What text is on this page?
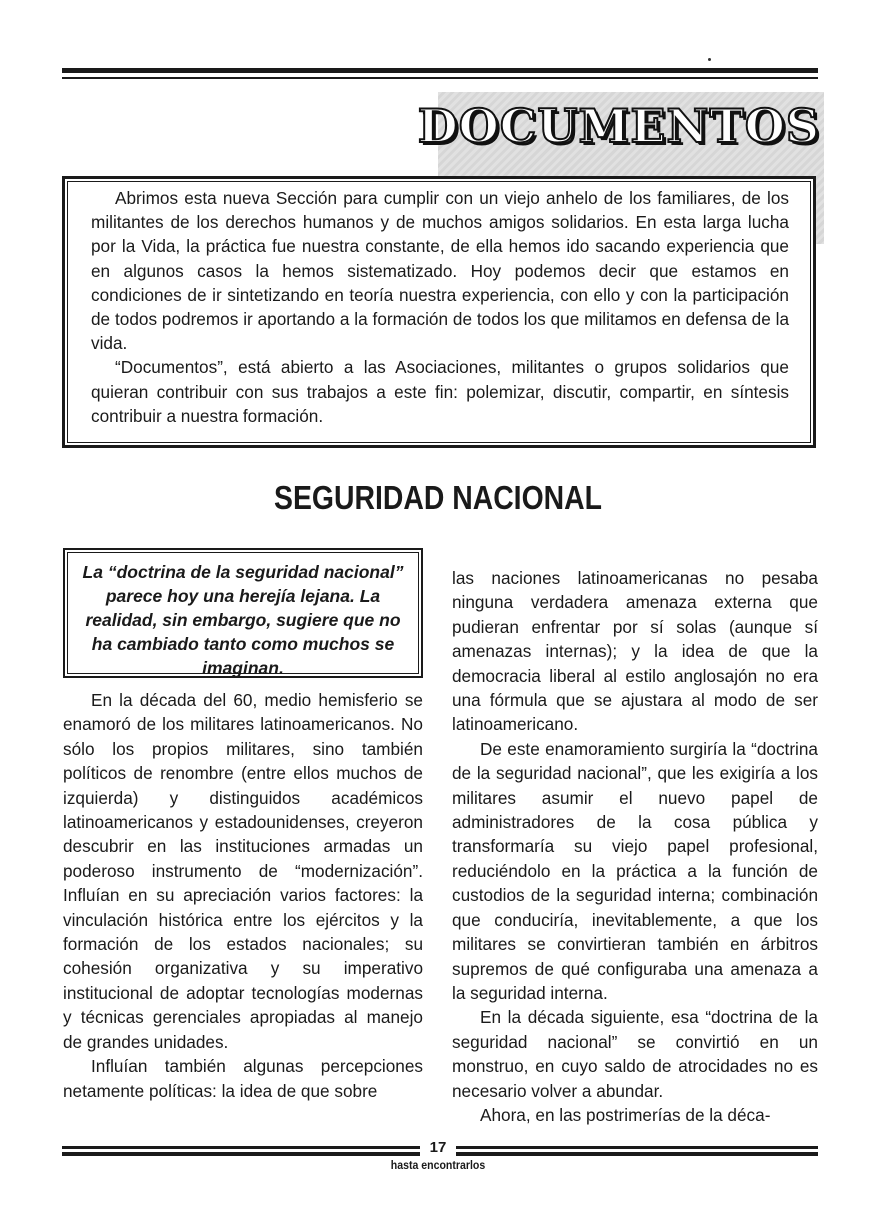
DOCUMENTOS

Abrimos esta nueva Sección para cumplir con un viejo anhelo de los familiares, de los militantes de los derechos humanos y de muchos amigos solidarios. En esta larga lucha por la Vida, la práctica fue nuestra constante, de ella hemos ido sacando experiencia que en algunos casos la hemos sistematizado. Hoy podemos decir que estamos en condiciones de ir sintetizando en teoría nuestra experiencia, con ello y con la participación de todos podremos ir aportando a la formación de todos los que militamos en defensa de la vida.

“Documentos”, está abierto a las Asociaciones, militantes o grupos solidarios que quieran contribuir con sus trabajos a este fin: polemizar, discutir, compartir, en síntesis contribuir a nuestra formación.

SEGURIDAD NACIONAL
La “doctrina de la seguridad nacional” parece hoy una herejía lejana. La realidad, sin embargo, sugiere que no ha cambiado tanto como muchos se imaginan.

En la década del 60, medio hemisferio se enamoró de los militares latinoamericanos. No sólo los propios militares, sino también políticos de renombre (entre ellos muchos de izquierda) y distinguidos académicos latinoamericanos y estadounidenses, creyeron descubrir en las instituciones armadas un poderoso instrumento de “modernización”. Influían en su apreciación varios factores: la vinculación histórica entre los ejércitos y la formación de los estados nacionales; su cohesión organizativa y su imperativo institucional de adoptar tecnologías modernas y técnicas gerenciales apropiadas al manejo de grandes unidades.

Influían también algunas percepciones netamente políticas: la idea de que sobre

las naciones latinoamericanas no pesaba ninguna verdadera amenaza externa que pudieran enfrentar por sí solas (aunque sí amenazas internas); y la idea de que la democracia liberal al estilo anglosajón no era una fórmula que se ajustara al modo de ser latinoamericano.

De este enamoramiento surgiría la “doctrina de la seguridad nacional”, que les exigiría a los militares asumir el nuevo papel de administradores de la cosa pública y transformaría su viejo papel profesional, reduciéndolo en la práctica a la función de custodios de la seguridad interna; combinación que conduciría, inevitablemente, a que los militares se convirtieran también en árbitros supremos de qué configuraba una amenaza a la seguridad interna.

En la década siguiente, esa “doctrina de la seguridad nacional” se convirtió en un monstruo, en cuyo saldo de atrocidades no es necesario volver a abundar.

Ahora, en las postrimerías de la déca-

17
hasta encontrarlos
